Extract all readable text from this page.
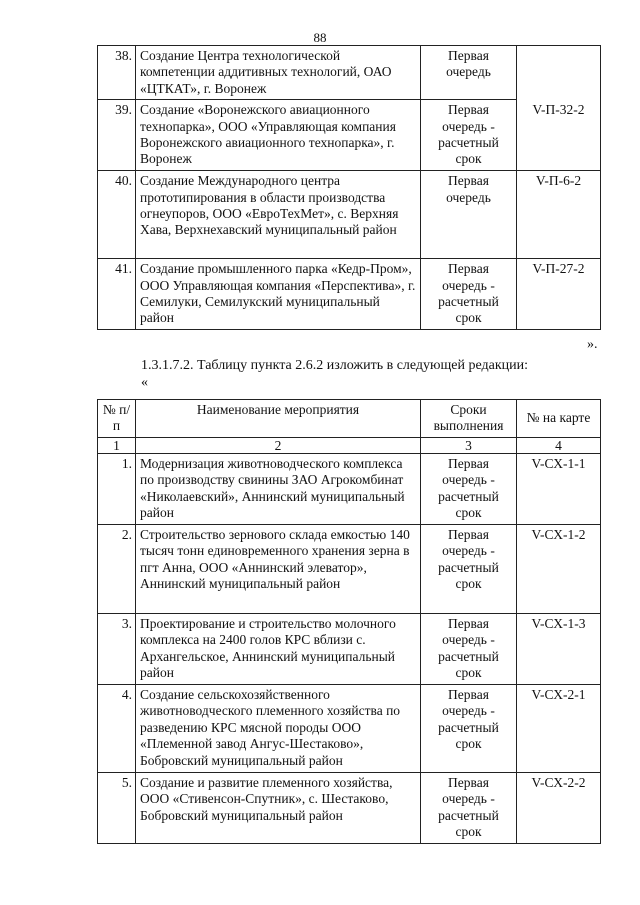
88
38.	Создание Центра технологической компетенции аддитивных технологий, ОАО «ЦТКАТ», г. Воронеж	Первая очередь	V-П-32-2
39.	Создание «Воронежского авиационного технопарка», ООО «Управляющая компания Воронежского авиационного технопарка», г. Воронеж	Первая очередь - расчетный срок	
40.	Создание Международного центра прототипирования в области производства огнеупоров, ООО «ЕвроТехМет», с. Верхняя Хава, Верхнехавский муниципальный район	Первая очередь	V-П-6-2
41.	Создание промышленного парка «Кедр-Пром», ООО Управляющая компания «Перспектива», г. Семилуки, Семилукский муниципальный район	Первая очередь - расчетный срок	V-П-27-2
».
1.3.1.7.2. Таблицу пункта 2.6.2 изложить в следующей редакции:
«
№ п/п	Наименование мероприятия	Сроки выполнения	№ на карте
1	2	3	4
1.	Модернизация животноводческого комплекса по производству свинины ЗАО Агрокомбинат «Николаевский», Аннинский муниципальный район	Первая очередь - расчетный срок	V-СХ-1-1
2.	Строительство зернового склада емкостью 140 тысяч тонн единовременного хранения зерна в пгт Анна, ООО «Аннинский элеватор», Аннинский муниципальный район	Первая очередь - расчетный срок	V-СХ-1-2
3.	Проектирование и строительство молочного комплекса на 2400 голов КРС вблизи с. Архангельское, Аннинский муниципальный район	Первая очередь - расчетный срок	V-СХ-1-3
4.	Создание сельскохозяйственного животноводческого племенного хозяйства по разведению КРС мясной породы ООО «Племенной завод Ангус-Шестаково», Бобровский муниципальный район	Первая очередь - расчетный срок	V-СХ-2-1
5.	Создание и развитие племенного хозяйства, ООО «Стивенсон-Спутник», с. Шестаково, Бобровский муниципальный район	Первая очередь - расчетный срок	V-СХ-2-2
